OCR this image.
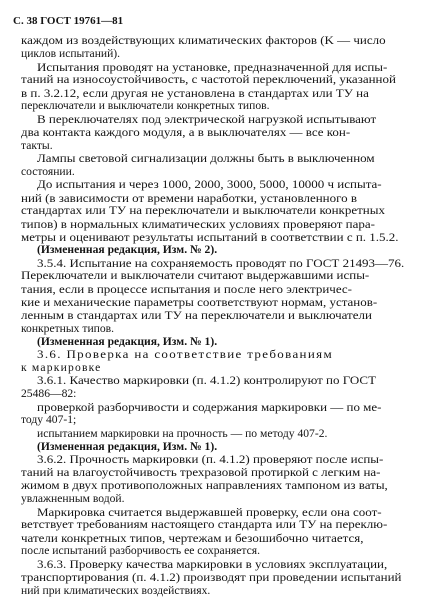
С. 38 ГОСТ 19761—81
каждом из воздействующих климатических факторов (K — число
циклов испытаний).
Испытания проводят на установке, предназначенной для испы-
таний на износоустойчивость, с частотой переключений, указанной
в п. 3.2.12, если другая не установлена в стандартах или ТУ на
переключатели и выключатели конкретных типов.
В переключателях под электрической нагрузкой испытывают
два контакта каждого модуля, а в выключателях — все кон-
такты.
Лампы световой сигнализации должны быть в выключенном
состоянии.
До испытания и через 1000, 2000, 3000, 5000, 10000 ч испыта-
ний (в зависимости от времени наработки, установленного в
стандартах или ТУ на переключатели и выключатели конкретных
типов) в нормальных климатических условиях проверяют пара-
метры и оценивают результаты испытаний в соответствии с п. 1.5.2.
(Измененная редакция, Изм. № 2).
3.5.4. Испытание на сохраняемость проводят по ГОСТ 21493—76.
Переключатели и выключатели считают выдержавшими испы-
тания, если в процессе испытания и после него электричес-
кие и механические параметры соответствуют нормам, установ-
ленным в стандартах или ТУ на переключатели и выключатели
конкретных типов.
(Измененная редакция, Изм. № 1).
3.6. Проверка на соответствие требованиям
к маркировке
3.6.1. Качество маркировки (п. 4.1.2) контролируют по ГОСТ
25486—82:
проверкой разборчивости и содержания маркировки — по мe-
тоду 407-1;
испытанием маркировки на прочность — по методу 407-2.
(Измененная редакция, Изм. № 1).
3.6.2. Прочность маркировки (п. 4.1.2) проверяют после испы-
таний на влагоустойчивость трехразовой протиркой с легким на-
жимом в двух противоположных направлениях тампоном из ваты,
увлажненным водой.
Маркировка считается выдержавшей проверку, если она соот-
ветствует требованиям настоящего стандарта или ТУ на переклю-
чатели конкретных типов, чертежам и безошибочно читается,
после испытаний разборчивость ее сохраняется.
3.6.3. Проверку качества маркировки в условиях эксплуатации,
транспортирования (п. 4.1.2) производят при проведении испытаний
ний при климатических воздействиях.
